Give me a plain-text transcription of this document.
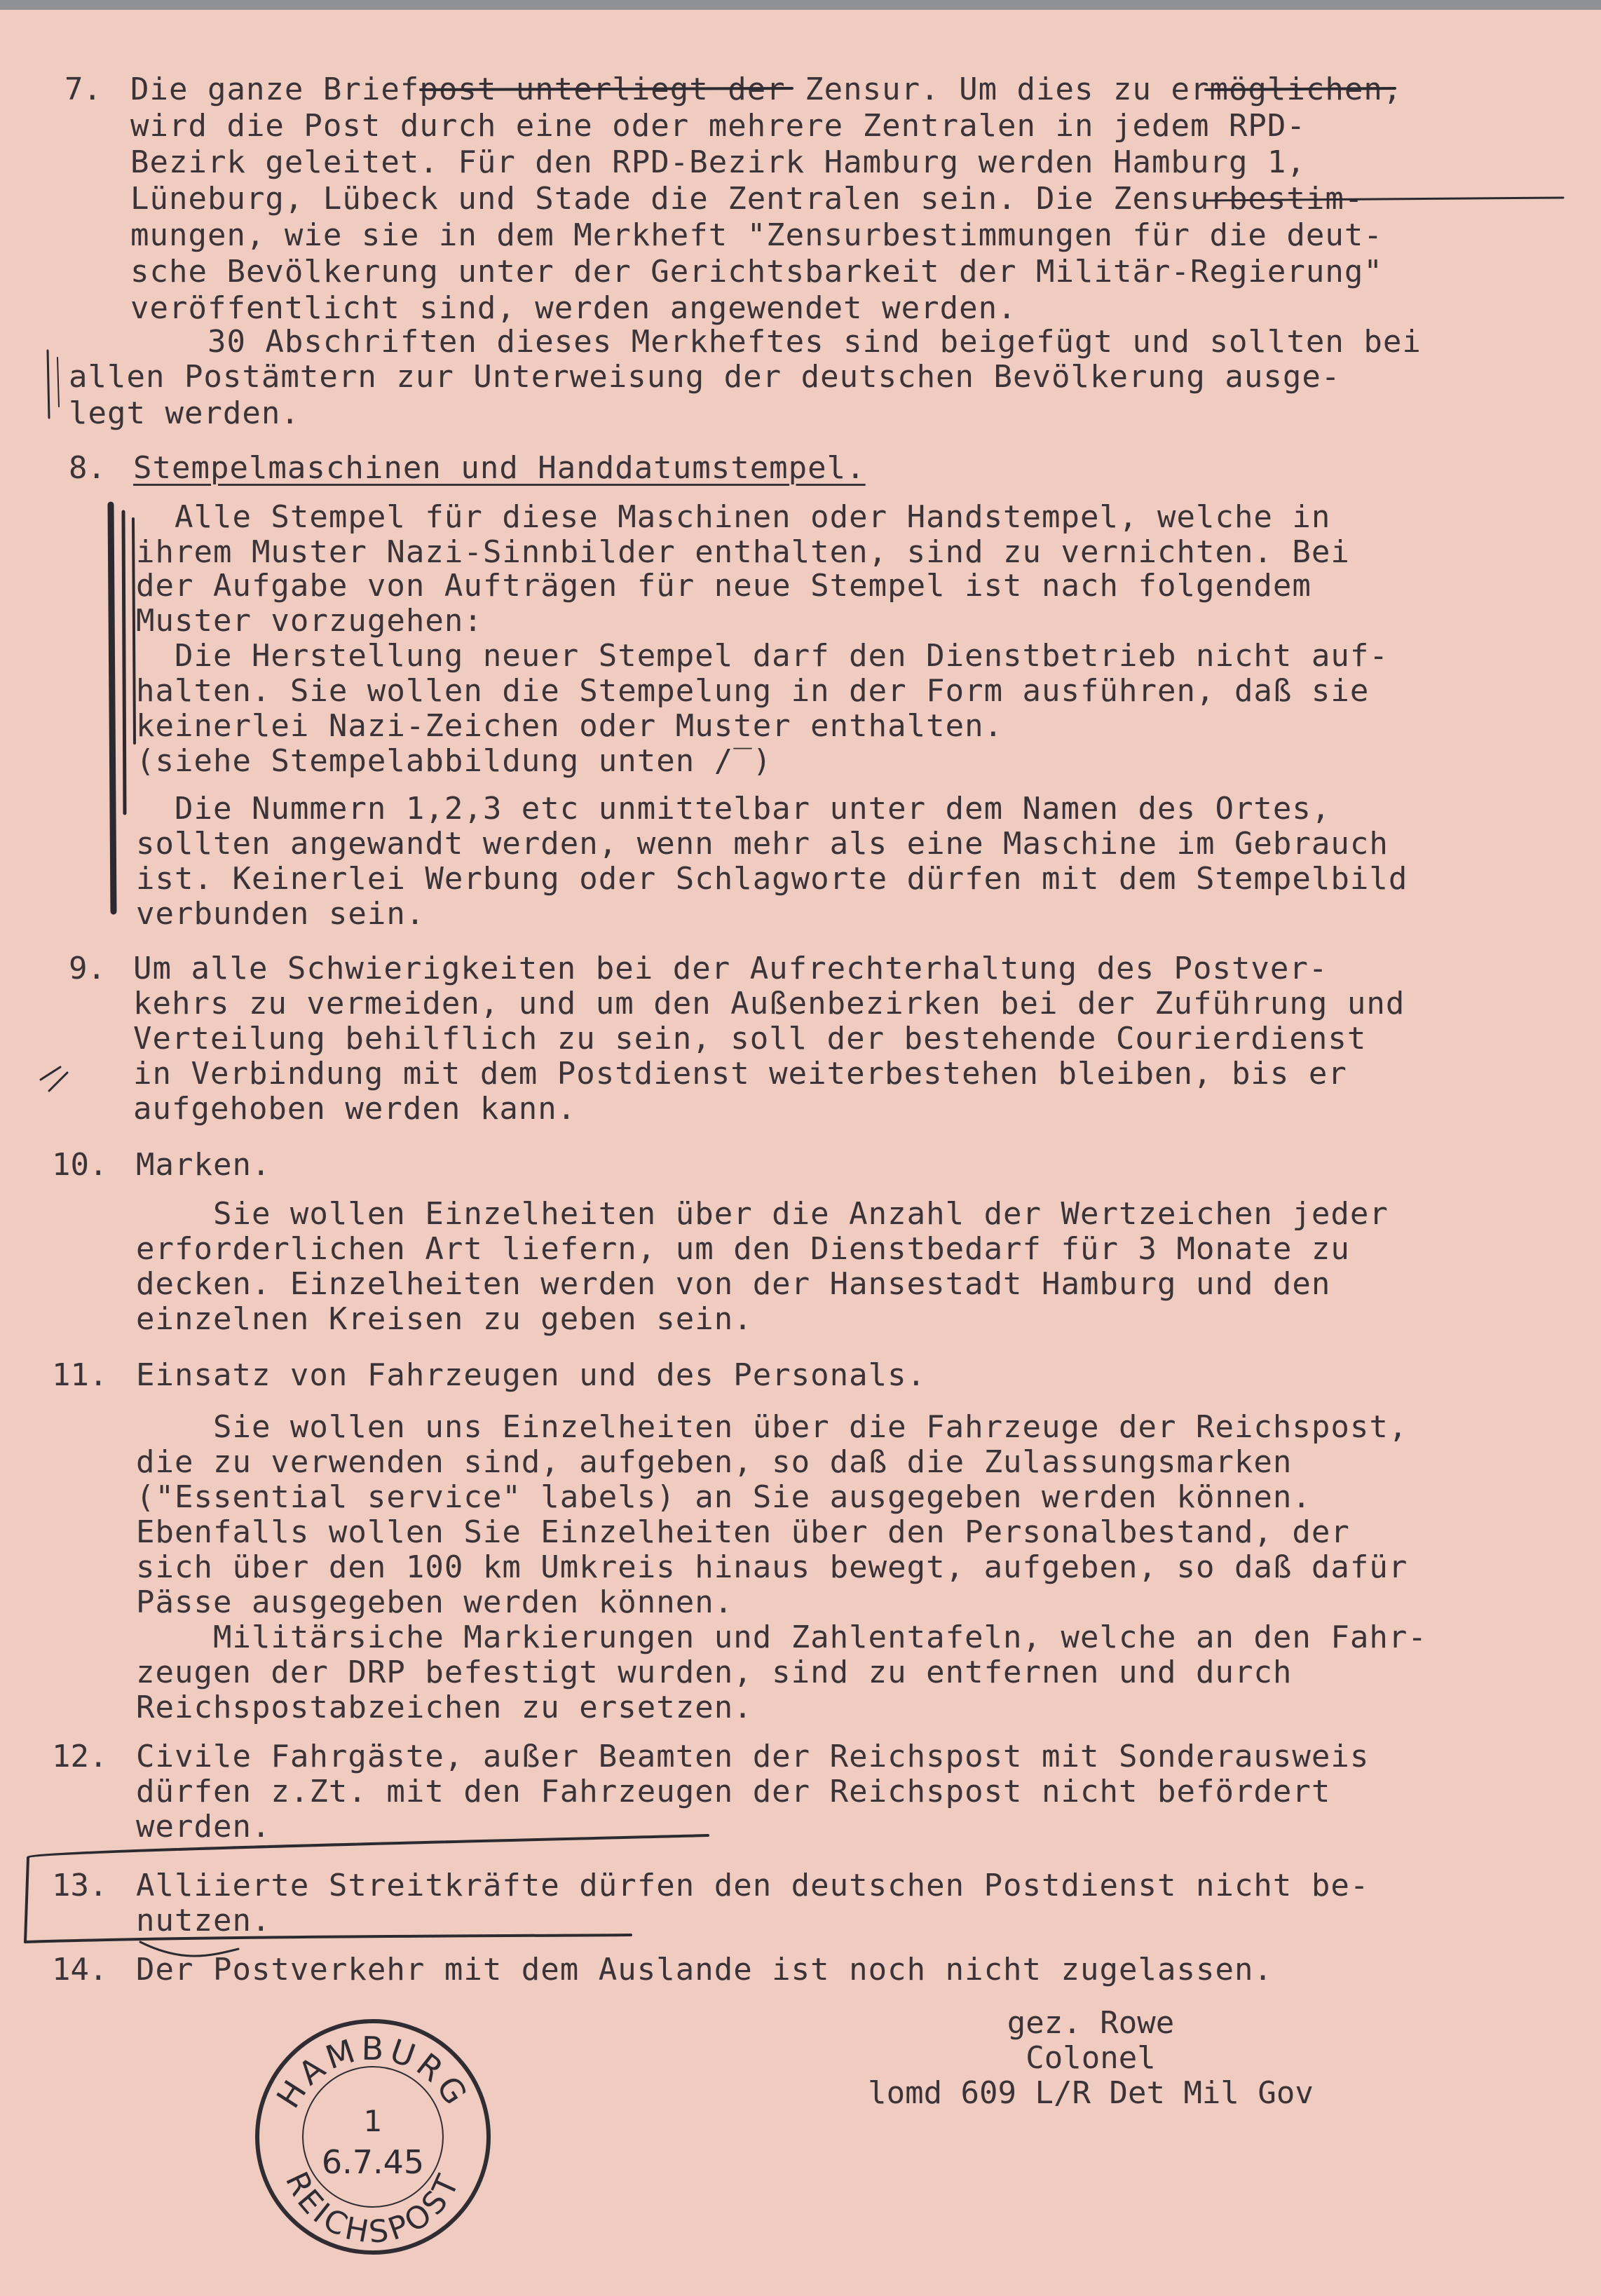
7. Die ganze Briefpost unterliegt der Zensur. Um dies zu ermöglichen,
wird die Post durch eine oder mehrere Zentralen in jedem RPD-
Bezirk geleitet. Für den RPD-Bezirk Hamburg werden Hamburg 1,
Lüneburg, Lübeck und Stade die Zentralen sein. Die Zensurbestim-
mungen, wie sie in dem Merkheft "Zensurbestimmungen für die deut-
sche Bevölkerung unter der Gerichtsbarkeit der Militär-Regierung"
veröffentlicht sind, werden angewendet werden.
30 Abschriften dieses Merkheftes sind beigefügt und sollten bei
allen Postämtern zur Unterweisung der deutschen Bevölkerung ausge-
legt werden.
8. Stempelmaschinen und Handdatumstempel.
Alle Stempel für diese Maschinen oder Handstempel, welche in
ihrem Muster Nazi-Sinnbilder enthalten, sind zu vernichten. Bei
der Aufgabe von Aufträgen für neue Stempel ist nach folgendem
Muster vorzugehen:
Die Herstellung neuer Stempel darf den Dienstbetrieb nicht auf-
halten. Sie wollen die Stempelung in der Form ausführen, daß sie
keinerlei Nazi-Zeichen oder Muster enthalten.
(siehe Stempelabbildung unten /‾)
Die Nummern 1,2,3 etc unmittelbar unter dem Namen des Ortes,
sollten angewandt werden, wenn mehr als eine Maschine im Gebrauch
ist. Keinerlei Werbung oder Schlagworte dürfen mit dem Stempelbild
verbunden sein.
9. Um alle Schwierigkeiten bei der Aufrechterhaltung des Postver-
kehrs zu vermeiden, und um den Außenbezirken bei der Zuführung und
Verteilung behilflich zu sein, soll der bestehende Courierdienst
in Verbindung mit dem Postdienst weiterbestehen bleiben, bis er
aufgehoben werden kann.
10. Marken.
Sie wollen Einzelheiten über die Anzahl der Wertzeichen jeder
erforderlichen Art liefern, um den Dienstbedarf für 3 Monate zu
decken. Einzelheiten werden von der Hansestadt Hamburg und den
einzelnen Kreisen zu geben sein.
11. Einsatz von Fahrzeugen und des Personals.
Sie wollen uns Einzelheiten über die Fahrzeuge der Reichspost,
die zu verwenden sind, aufgeben, so daß die Zulassungsmarken
("Essential service" labels) an Sie ausgegeben werden können.
Ebenfalls wollen Sie Einzelheiten über den Personalbestand, der
sich über den 100 km Umkreis hinaus bewegt, aufgeben, so daß dafür
Pässe ausgegeben werden können.
Militärsiche Markierungen und Zahlentafeln, welche an den Fahr-
zeugen der DRP befestigt wurden, sind zu entfernen und durch
Reichspostabzeichen zu ersetzen.
12. Civile Fahrgäste, außer Beamten der Reichspost mit Sonderausweis
dürfen z.Zt. mit den Fahrzeugen der Reichspost nicht befördert
werden.
13. Alliierte Streitkräfte dürfen den deutschen Postdienst nicht be-
nutzen.
14. Der Postverkehr mit dem Auslande ist noch nicht zugelassen.
gez. Rowe
Colonel
lomd 609 L/R Det Mil Gov
HAMBURG
1
6.7.45
REICHSPOST
